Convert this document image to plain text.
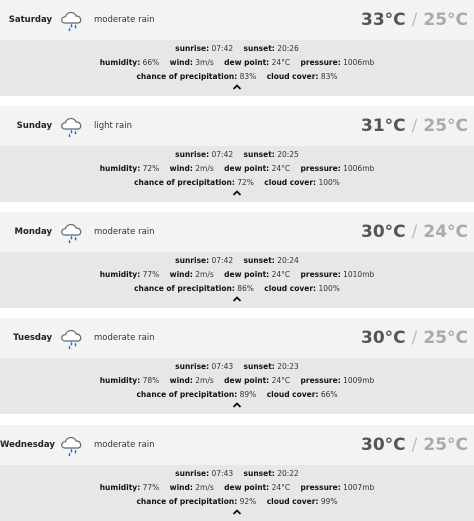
Saturday	moderate rain	33°C / 25°C
sunrise: 07:42 sunset: 20:26
humidity: 66% wind: 3m/s dew point: 24°C pressure: 1006mb
chance of precipitation: 83% cloud cover: 83%
Sunday	light rain	31°C / 25°C
sunrise: 07:42 sunset: 20:25
humidity: 72% wind: 2m/s dew point: 24°C pressure: 1006mb
chance of precipitation: 72% cloud cover: 100%
Monday	moderate rain	30°C / 24°C
sunrise: 07:42 sunset: 20:24
humidity: 77% wind: 2m/s dew point: 24°C pressure: 1010mb
chance of precipitation: 86% cloud cover: 100%
Tuesday	moderate rain	30°C / 25°C
sunrise: 07:43 sunset: 20:23
humidity: 78% wind: 2m/s dew point: 24°C pressure: 1009mb
chance of precipitation: 89% cloud cover: 66%
Wednesday	moderate rain	30°C / 25°C
sunrise: 07:43 sunset: 20:22
humidity: 77% wind: 2m/s dew point: 24°C pressure: 1007mb
chance of precipitation: 92% cloud cover: 99%
